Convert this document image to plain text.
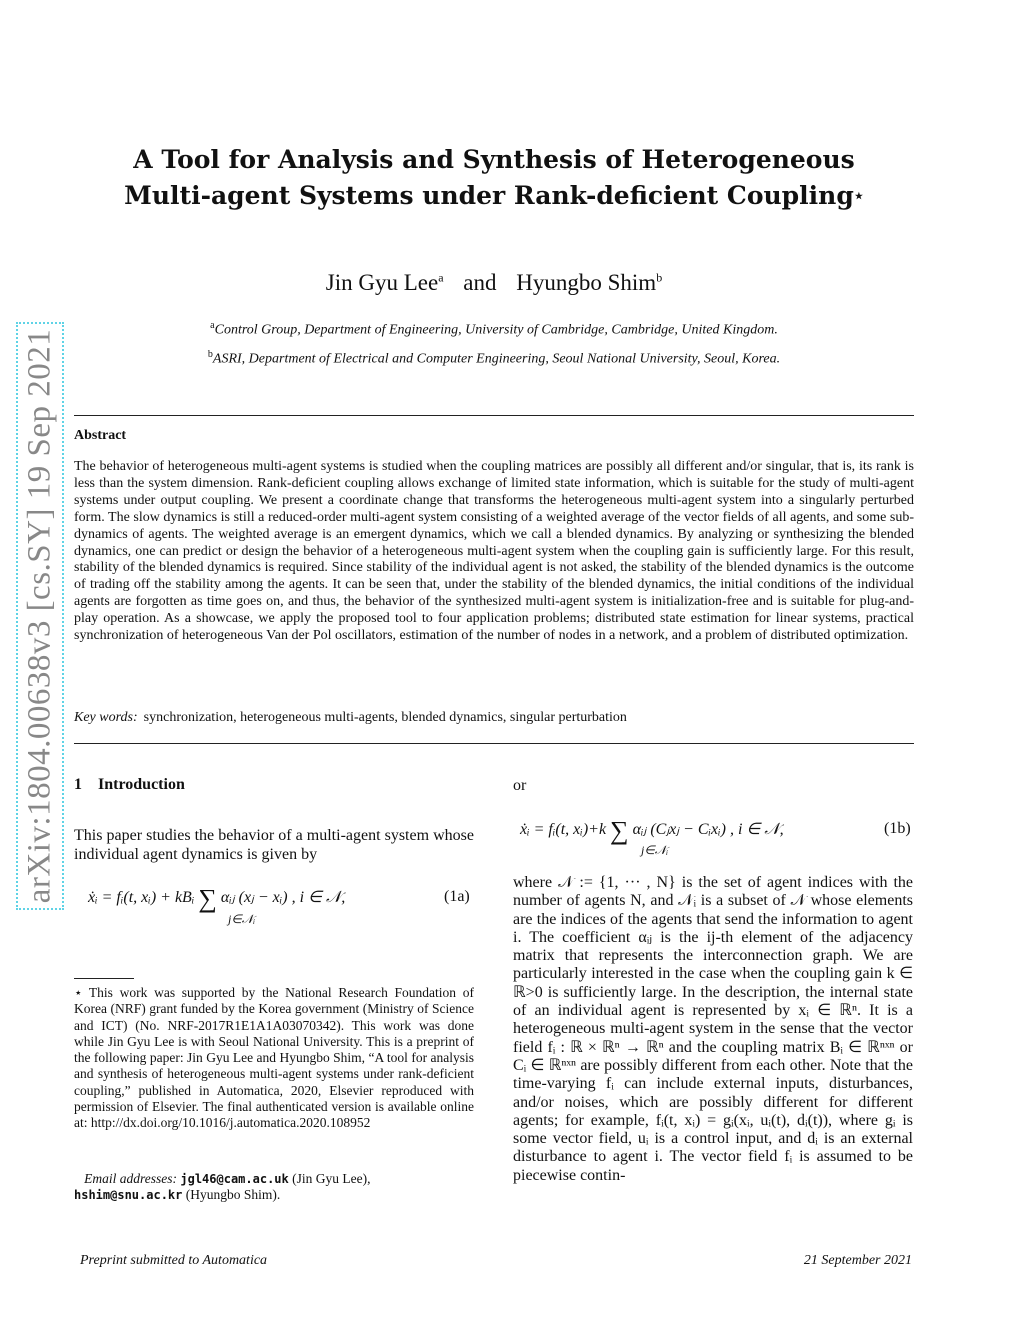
arXiv:1804.00638v3 [cs.SY] 19 Sep 2021
A Tool for Analysis and Synthesis of Heterogeneous
Multi-agent Systems under Rank-deficient Coupling⋆
Jin Gyu Lee$^a$ and Hyungbo Shim$^b$
$^a$Control Group, Department of Engineering, University of Cambridge, Cambridge, United Kingdom.
$^b$ASRI, Department of Electrical and Computer Engineering, Seoul National University, Seoul, Korea.
Abstract
The behavior of heterogeneous multi-agent systems is studied when the coupling matrices are possibly all different and/or singular, that is, its rank is less than the system dimension. Rank-deficient coupling allows exchange of limited state information, which is suitable for the study of multi-agent systems under output coupling. We present a coordinate change that transforms the heterogeneous multi-agent system into a singularly perturbed form. The slow dynamics is still a reduced-order multi-agent system consisting of a weighted average of the vector fields of all agents, and some sub-dynamics of agents. The weighted average is an emergent dynamics, which we call a blended dynamics. By analyzing or synthesizing the blended dynamics, one can predict or design the behavior of a heterogeneous multi-agent system when the coupling gain is sufficiently large. For this result, stability of the blended dynamics is required. Since stability of the individual agent is not asked, the stability of the blended dynamics is the outcome of trading off the stability among the agents. It can be seen that, under the stability of the blended dynamics, the initial conditions of the individual agents are forgotten as time goes on, and thus, the behavior of the synthesized multi-agent system is initialization-free and is suitable for plug-and-play operation. As a showcase, we apply the proposed tool to four application problems; distributed state estimation for linear systems, practical synchronization of heterogeneous Van der Pol oscillators, estimation of the number of nodes in a network, and a problem of distributed optimization.
Key words: synchronization, heterogeneous multi-agents, blended dynamics, singular perturbation
1 Introduction
This paper studies the behavior of a multi-agent system whose individual agent dynamics is given by
ẋᵢ = fᵢ(t, xᵢ) + kBᵢ ∑ αᵢⱼ (xⱼ − xᵢ) , i ∈ 𝒩,
j∈𝒩ᵢ
(1a)
⋆ This work was supported by the National Research Foundation of Korea (NRF) grant funded by the Korea government (Ministry of Science and ICT) (No. NRF-2017R1E1A1A03070342). This work was done while Jin Gyu Lee is with Seoul National University. This is a preprint of the following paper: Jin Gyu Lee and Hyungbo Shim, “A tool for analysis and synthesis of heterogeneous multi-agent systems under rank-deficient coupling,” published in Automatica, 2020, Elsevier reproduced with permission of Elsevier. The final authenticated version is available online at: http://dx.doi.org/10.1016/j.automatica.2020.108952
Email addresses: jgl46@cam.ac.uk (Jin Gyu Lee),
hshim@snu.ac.kr (Hyungbo Shim).
or
ẋᵢ = fᵢ(t, xᵢ)+k ∑ αᵢⱼ (Cⱼxⱼ − Cᵢxᵢ) , i ∈ 𝒩,
j∈𝒩ᵢ
(1b)
where 𝒩 := {1, ··· , N} is the set of agent indices with the number of agents N, and 𝒩ᵢ is a subset of 𝒩 whose elements are the indices of the agents that send the information to agent i. The coefficient αᵢⱼ is the ij-th element of the adjacency matrix that represents the interconnection graph. We are particularly interested in the case when the coupling gain k ∈ ℝ>0 is sufficiently large. In the description, the internal state of an individual agent is represented by xᵢ ∈ ℝⁿ. It is a heterogeneous multi-agent system in the sense that the vector field fᵢ : ℝ × ℝⁿ → ℝⁿ and the coupling matrix Bᵢ ∈ ℝⁿˣⁿ or Cᵢ ∈ ℝⁿˣⁿ are possibly different from each other. Note that the time-varying fᵢ can include external inputs, disturbances, and/or noises, which are possibly different for different agents; for example, fᵢ(t, xᵢ) = gᵢ(xᵢ, uᵢ(t), dᵢ(t)), where gᵢ is some vector field, uᵢ is a control input, and dᵢ is an external disturbance to agent i. The vector field fᵢ is assumed to be piecewise contin-
Preprint submitted to Automatica	21 September 2021
